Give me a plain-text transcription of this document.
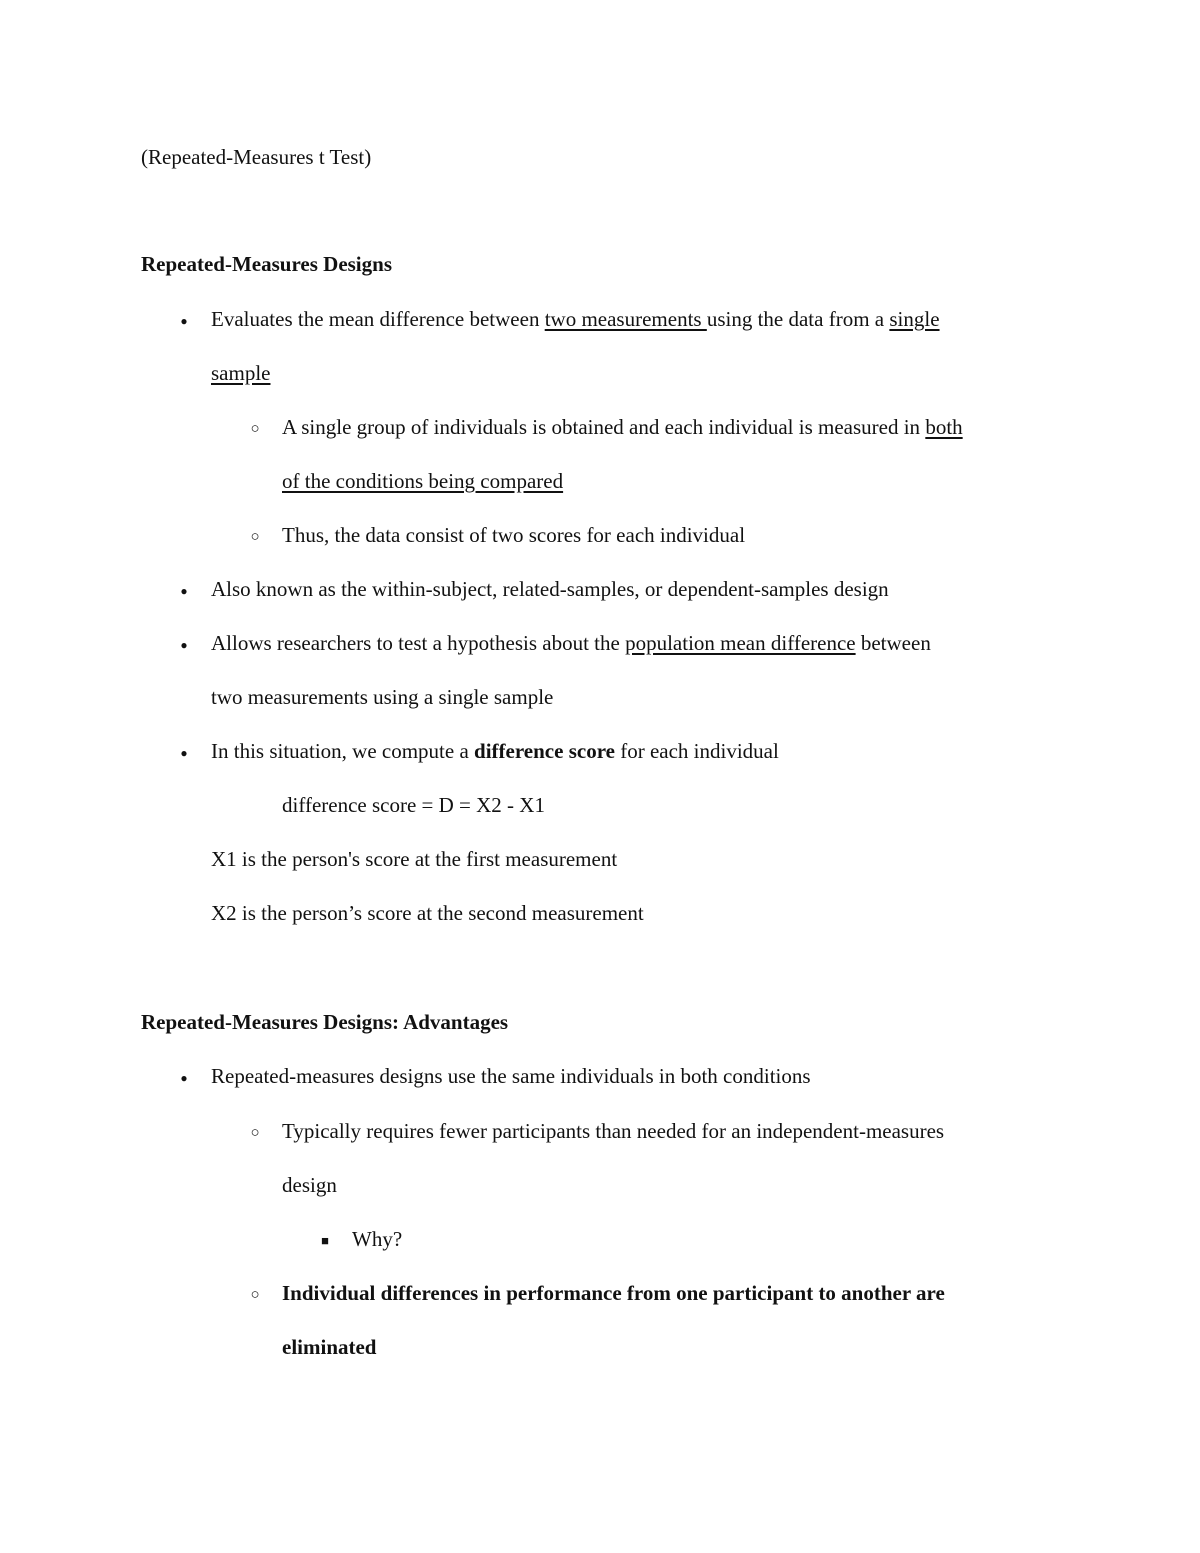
(Repeated-Measures t Test)
Repeated-Measures Designs
●
Evaluates the mean difference between two measurements using the data from a single
sample
○
A single group of individuals is obtained and each individual is measured in both
of the conditions being compared
○
Thus, the data consist of two scores for each individual
●
Also known as the within-subject, related-samples, or dependent-samples design
●
Allows researchers to test a hypothesis about the population mean difference between
two measurements using a single sample
●
In this situation, we compute a difference score for each individual
difference score = D = X2 - X1
X1 is the person's score at the first measurement
X2 is the person’s score at the second measurement
Repeated-Measures Designs: Advantages
●
Repeated-measures designs use the same individuals in both conditions
○
Typically requires fewer participants than needed for an independent-measures
design
■
Why?
○
Individual differences in performance from one participant to another are
eliminated
